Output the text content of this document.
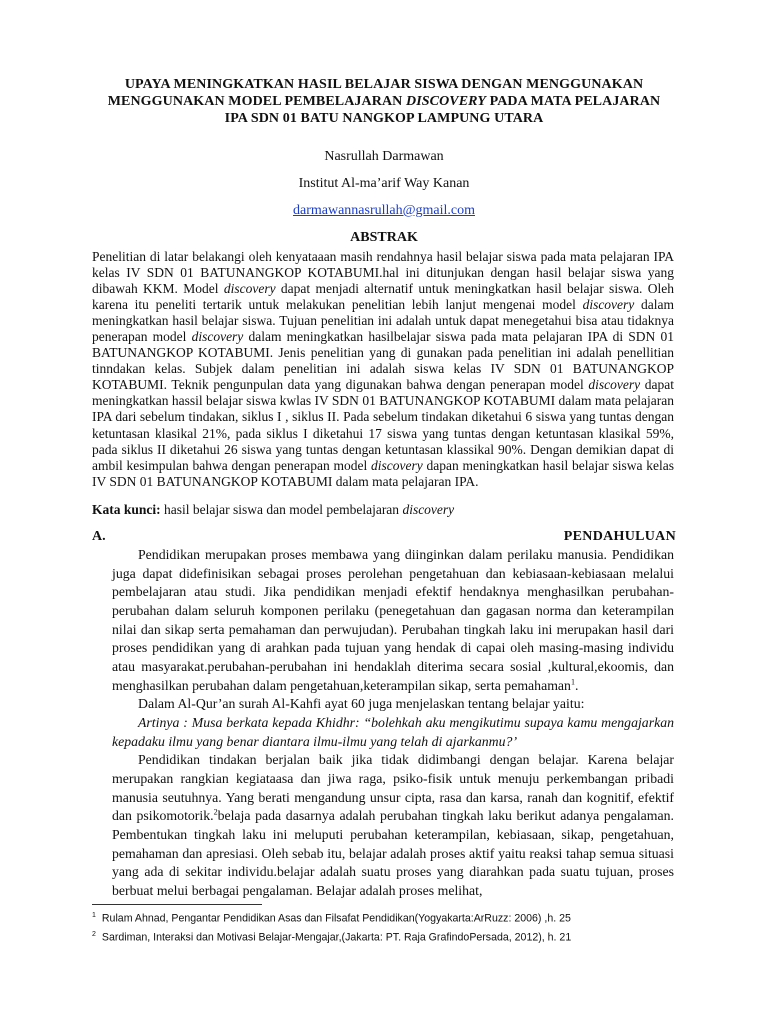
UPAYA MENINGKATKAN HASIL BELAJAR SISWA DENGAN MENGGUNAKAN
MENGGUNAKAN MODEL PEMBELAJARAN DISCOVERY PADA MATA PELAJARAN
IPA SDN 01 BATU NANGKOP LAMPUNG UTARA
Nasrullah Darmawan
Institut Al-ma’arif Way Kanan
darmawannasrullah@gmail.com
ABSTRAK
Penelitian di latar belakangi oleh kenyataaan masih rendahnya hasil belajar siswa pada mata pelajaran IPA kelas IV SDN 01 BATUNANGKOP KOTABUMI.hal ini ditunjukan dengan hasil belajar siswa yang dibawah KKM. Model discovery dapat menjadi alternatif untuk meningkatkan hasil belajar siswa. Oleh karena itu peneliti tertarik untuk melakukan penelitian lebih lanjut mengenai model discovery dalam meningkatkan hasil belajar siswa. Tujuan penelitian ini adalah untuk dapat menegetahui bisa atau tidaknya penerapan model discovery dalam meningkatkan hasilbelajar siswa pada mata pelajaran IPA di SDN 01 BATUNANGKOP KOTABUMI. Jenis penelitian yang di gunakan pada penelitian ini adalah penellitian tinndakan kelas. Subjek dalam penelitian ini adalah siswa kelas IV SDN 01 BATUNANGKOP KOTABUMI. Teknik pengunpulan data yang digunakan bahwa dengan penerapan model discovery dapat meningkatkan hassil belajar siswa kwlas IV SDN 01 BATUNANGKOP KOTABUMI dalam mata pelajaran IPA dari sebelum tindakan, siklus I , siklus II. Pada sebelum tindakan diketahui 6 siswa yang tuntas dengan ketuntasan klasikal 21%, pada siklus I diketahui 17 siswa yang tuntas dengan ketuntasan klasikal 59%, pada siklus II diketahui 26 siswa yang tuntas dengan ketuntasan klassikal 90%. Dengan demikian dapat di ambil kesimpulan bahwa dengan penerapan model discovery dapan meningkatkan hasil belajar siswa kelas IV SDN 01 BATUNANGKOP KOTABUMI dalam mata pelajaran IPA.
Kata kunci: hasil belajar siswa dan model pembelajaran discovery
A.	PENDAHULUAN

Pendidikan merupakan proses membawa yang diinginkan dalam perilaku manusia. Pendidikan juga dapat didefinisikan sebagai proses perolehan pengetahuan dan kebiasaan-kebiasaan melalui pembelajaran atau studi. Jika pendidikan menjadi efektif hendaknya menghasilkan perubahan-perubahan dalam seluruh komponen perilaku (penegetahuan dan gagasan norma dan keterampilan nilai dan sikap serta pemahaman dan perwujudan). Perubahan tingkah laku ini merupakan hasil dari proses pendidikan yang di arahkan pada tujuan yang hendak di capai oleh masing-masing individu atau masyarakat.perubahan-perubahan ini hendaklah diterima secara sosial ,kultural,ekoomis, dan menghasilkan perubahan dalam pengetahuan,keterampilan sikap, serta pemahaman$^1$.

Dalam Al-Qur’an surah Al-Kahfi ayat 60 juga menjelaskan tentang belajar yaitu:

Artinya : Musa berkata kepada Khidhr: “bolehkah aku mengikutimu supaya kamu mengajarkan kepadaku ilmu yang benar diantara ilmu-ilmu yang telah di ajarkanmu?’

Pendidikan tindakan berjalan baik jika tidak didimbangi dengan belajar. Karena belajar merupakan rangkian kegiataasa dan jiwa raga, psiko-fisik untuk menuju perkembangan pribadi manusia seutuhnya. Yang berati mengandung unsur cipta, rasa dan karsa, ranah dan kognitif, efektif dan psikomotorik.$^2$belaja pada dasarnya adalah perubahan tingkah laku berikut adanya pengalaman. Pembentukan tingkah laku ini meluputi perubahan keterampilan, kebiasaan, sikap, pengetahuan, pemahaman dan apresiasi. Oleh sebab itu, belajar adalah proses aktif yaitu reaksi tahap semua situasi yang ada di sekitar individu.belajar adalah suatu proses yang diarahkan pada suatu tujuan, proses berbuat melui berbagai pengalaman. Belajar adalah proses melihat,

$^1$ Rulam Ahnad, Pengantar Pendidikan Asas dan Filsafat Pendidikan(Yogyakarta:ArRuzz: 2006) ,h. 25
$^2$ Sardiman, Interaksi dan Motivasi Belajar-Mengajar,(Jakarta: PT. Raja GrafindoPersada, 2012), h. 21
